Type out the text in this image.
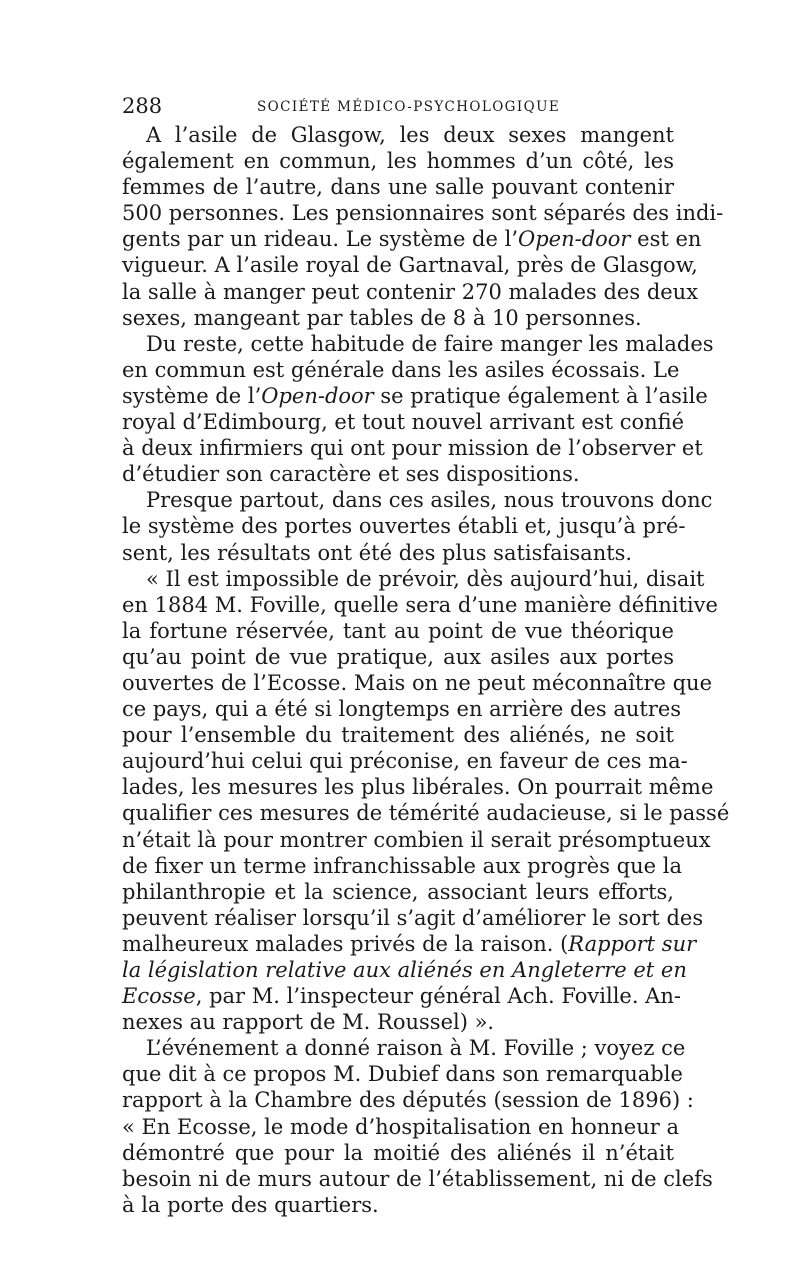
288	SOCIÉTÉ MÉDICO-PSYCHOLOGIQUE

A l’asile de Glasgow, les deux sexes mangent
également en commun, les hommes d’un côté, les
femmes de l’autre, dans une salle pouvant contenir
500 personnes. Les pensionnaires sont séparés des indi-
gents par un rideau. Le système de l’Open-door est en
vigueur. A l’asile royal de Gartnaval, près de Glasgow,
la salle à manger peut contenir 270 malades des deux
sexes, mangeant par tables de 8 à 10 personnes.

Du reste, cette habitude de faire manger les malades
en commun est générale dans les asiles écossais. Le
système de l’Open-door se pratique également à l’asile
royal d’Edimbourg, et tout nouvel arrivant est confié
à deux infirmiers qui ont pour mission de l’observer et
d’étudier son caractère et ses dispositions.

Presque partout, dans ces asiles, nous trouvons donc
le système des portes ouvertes établi et, jusqu’à pré-
sent, les résultats ont été des plus satisfaisants.

« Il est impossible de prévoir, dès aujourd’hui, disait
en 1884 M. Foville, quelle sera d’une manière définitive
la fortune réservée, tant au point de vue théorique
qu’au point de vue pratique, aux asiles aux portes
ouvertes de l’Ecosse. Mais on ne peut méconnaître que
ce pays, qui a été si longtemps en arrière des autres
pour l’ensemble du traitement des aliénés, ne soit
aujourd’hui celui qui préconise, en faveur de ces ma-
lades, les mesures les plus libérales. On pourrait même
qualifier ces mesures de témérité audacieuse, si le passé
n’était là pour montrer combien il serait présomptueux
de fixer un terme infranchissable aux progrès que la
philanthropie et la science, associant leurs efforts,
peuvent réaliser lorsqu’il s’agit d’améliorer le sort des
malheureux malades privés de la raison. (Rapport sur
la législation relative aux aliénés en Angleterre et en
Ecosse, par M. l’inspecteur général Ach. Foville. An-
nexes au rapport de M. Roussel) ».

L’événement a donné raison à M. Foville ; voyez ce
que dit à ce propos M. Dubief dans son remarquable
rapport à la Chambre des députés (session de 1896) :
« En Ecosse, le mode d’hospitalisation en honneur a
démontré que pour la moitié des aliénés il n’était
besoin ni de murs autour de l’établissement, ni de clefs
à la porte des quartiers.
